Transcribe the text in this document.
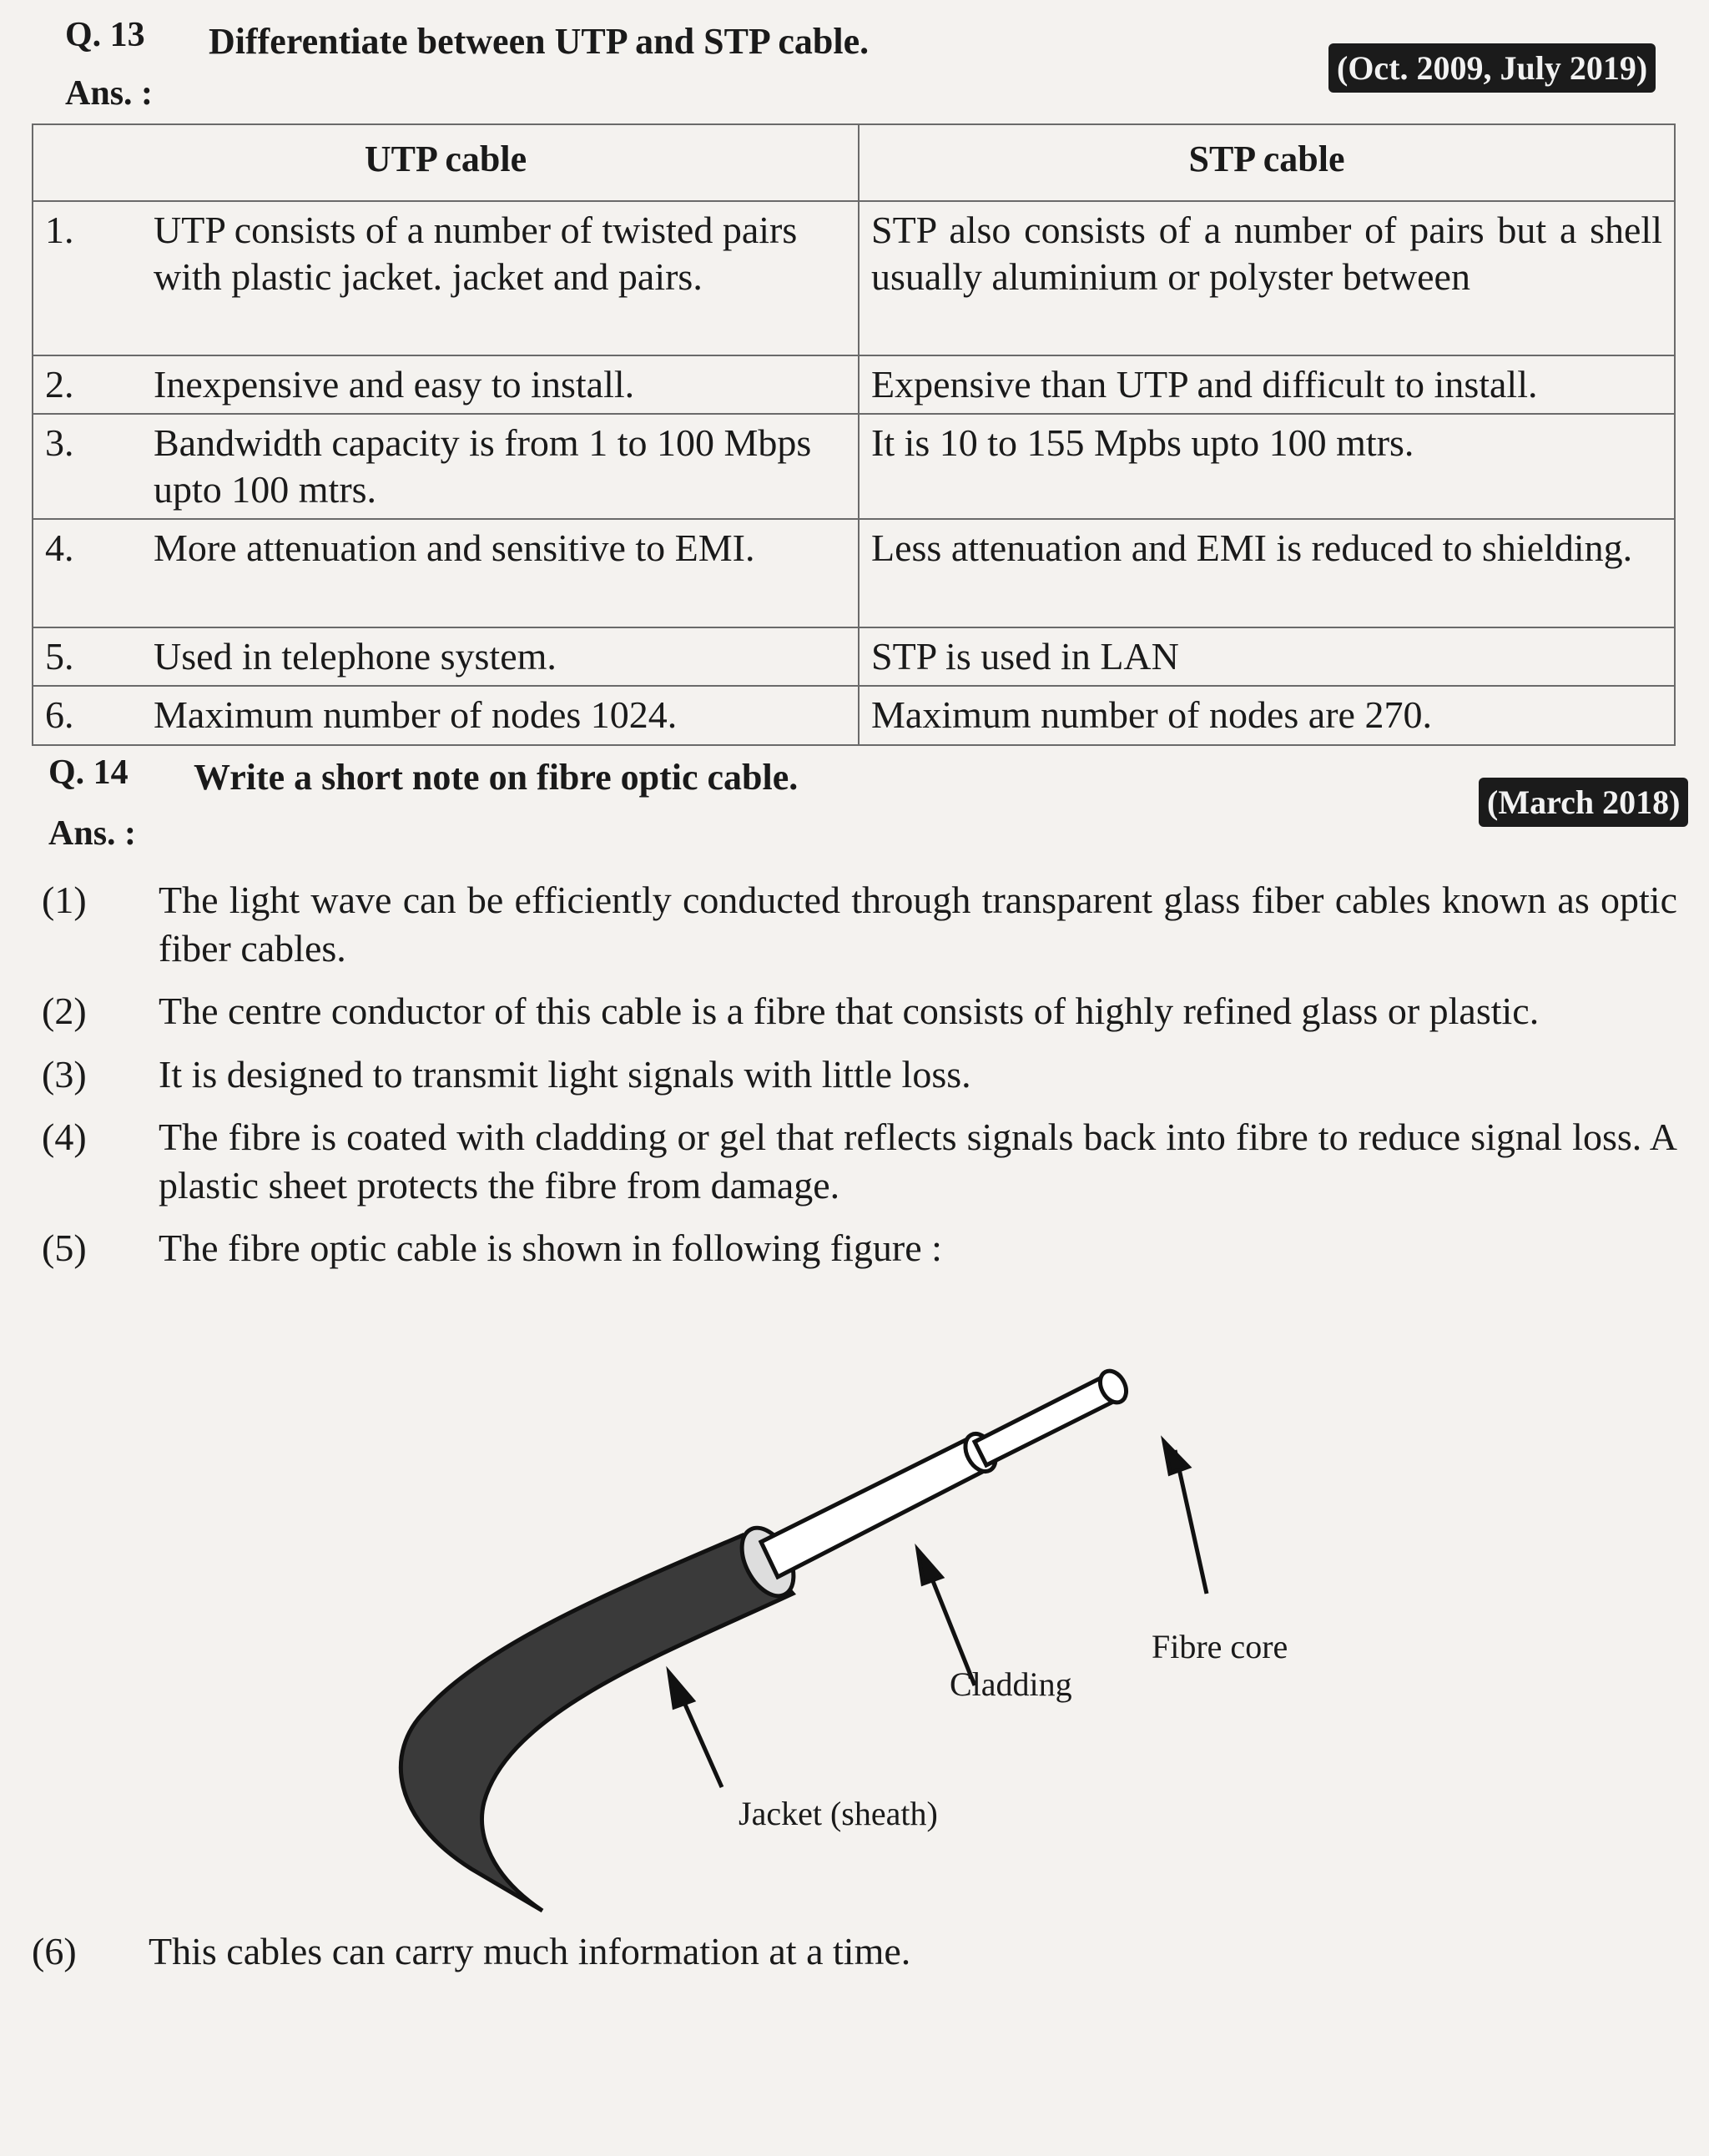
Q. 13 Differentiate between UTP and STP cable.
(Oct. 2009, July 2019)
Ans. :
UTP cable	STP cable
1. UTP consists of a number of twisted pairs with plastic jacket. jacket and pairs.	STP also consists of a number of pairs but a shell usually aluminium or polyster between
2. Inexpensive and easy to install.	Expensive than UTP and difficult to install.
3. Bandwidth capacity is from 1 to 100 Mbps upto 100 mtrs.	It is 10 to 155 Mpbs upto 100 mtrs.
4. More attenuation and sensitive to EMI.	Less attenuation and EMI is reduced to shielding.
5. Used in telephone system.	STP is used in LAN
6. Maximum number of nodes 1024.	Maximum number of nodes are 270.
Q. 14 Write a short note on fibre optic cable.
(March 2018)
Ans. :
(1) The light wave can be efficiently conducted through transparent glass fiber cables known as optic fiber cables.
(2) The centre conductor of this cable is a fibre that consists of highly refined glass or plastic.
(3) It is designed to transmit light signals with little loss.
(4) The fibre is coated with cladding or gel that reflects signals back into fibre to reduce signal loss. A plastic sheet protects the fibre from damage.
(5) The fibre optic cable is shown in following figure :
Fibre core
Cladding
Jacket (sheath)
(6) This cables can carry much information at a time.
